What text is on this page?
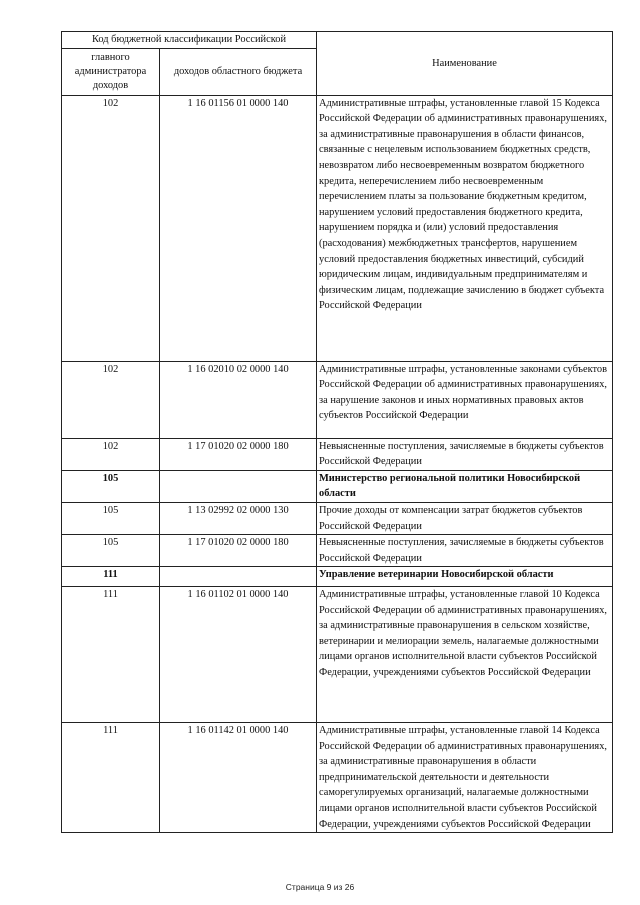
Код бюджетной классификации Российской		Наименование
главного администратора доходов	доходов областного бюджета	
102	1 16 01156 01 0000 140	Административные штрафы, установленные главой 15 Кодекса Российской Федерации об административных правонарушениях, за административные правонарушения в области финансов, связанные с нецелевым использованием бюджетных средств, невозвратом либо несвоевременным возвратом бюджетного кредита, неперечислением либо несвоевременным перечислением платы за пользование бюджетным кредитом, нарушением условий предоставления бюджетного кредита, нарушением порядка и (или) условий предоставления (расходования) межбюджетных трансфертов, нарушением условий предоставления бюджетных инвестиций, субсидий юридическим лицам, индивидуальным предпринимателям и физическим лицам, подлежащие зачислению в бюджет субъекта Российской Федерации
102	1 16 02010 02 0000 140	Административные штрафы, установленные законами субъектов Российской Федерации об административных правонарушениях, за нарушение законов и иных нормативных правовых актов субъектов Российской Федерации
102	1 17 01020 02 0000 180	Невыясненные поступления, зачисляемые в бюджеты субъектов Российской Федерации
105		Министерство региональной политики Новосибирской области
105	1 13 02992 02 0000 130	Прочие доходы от компенсации затрат бюджетов субъектов Российской Федерации
105	1 17 01020 02 0000 180	Невыясненные поступления, зачисляемые в бюджеты субъектов Российской Федерации
111		Управление ветеринарии Новосибирской области
111	1 16 01102 01 0000 140	Административные штрафы, установленные главой 10 Кодекса Российской Федерации об административных правонарушениях, за административные правонарушения в сельском хозяйстве, ветеринарии и мелиорации земель, налагаемые должностными лицами органов исполнительной власти субъектов Российской Федерации, учреждениями субъектов Российской Федерации
111	1 16 01142 01 0000 140	Административные штрафы, установленные главой 14 Кодекса Российской Федерации об административных правонарушениях, за административные правонарушения в области предпринимательской деятельности и деятельности саморегулируемых организаций, налагаемые должностными лицами органов исполнительной власти субъектов Российской Федерации, учреждениями субъектов Российской Федерации
Страница 9 из 26
